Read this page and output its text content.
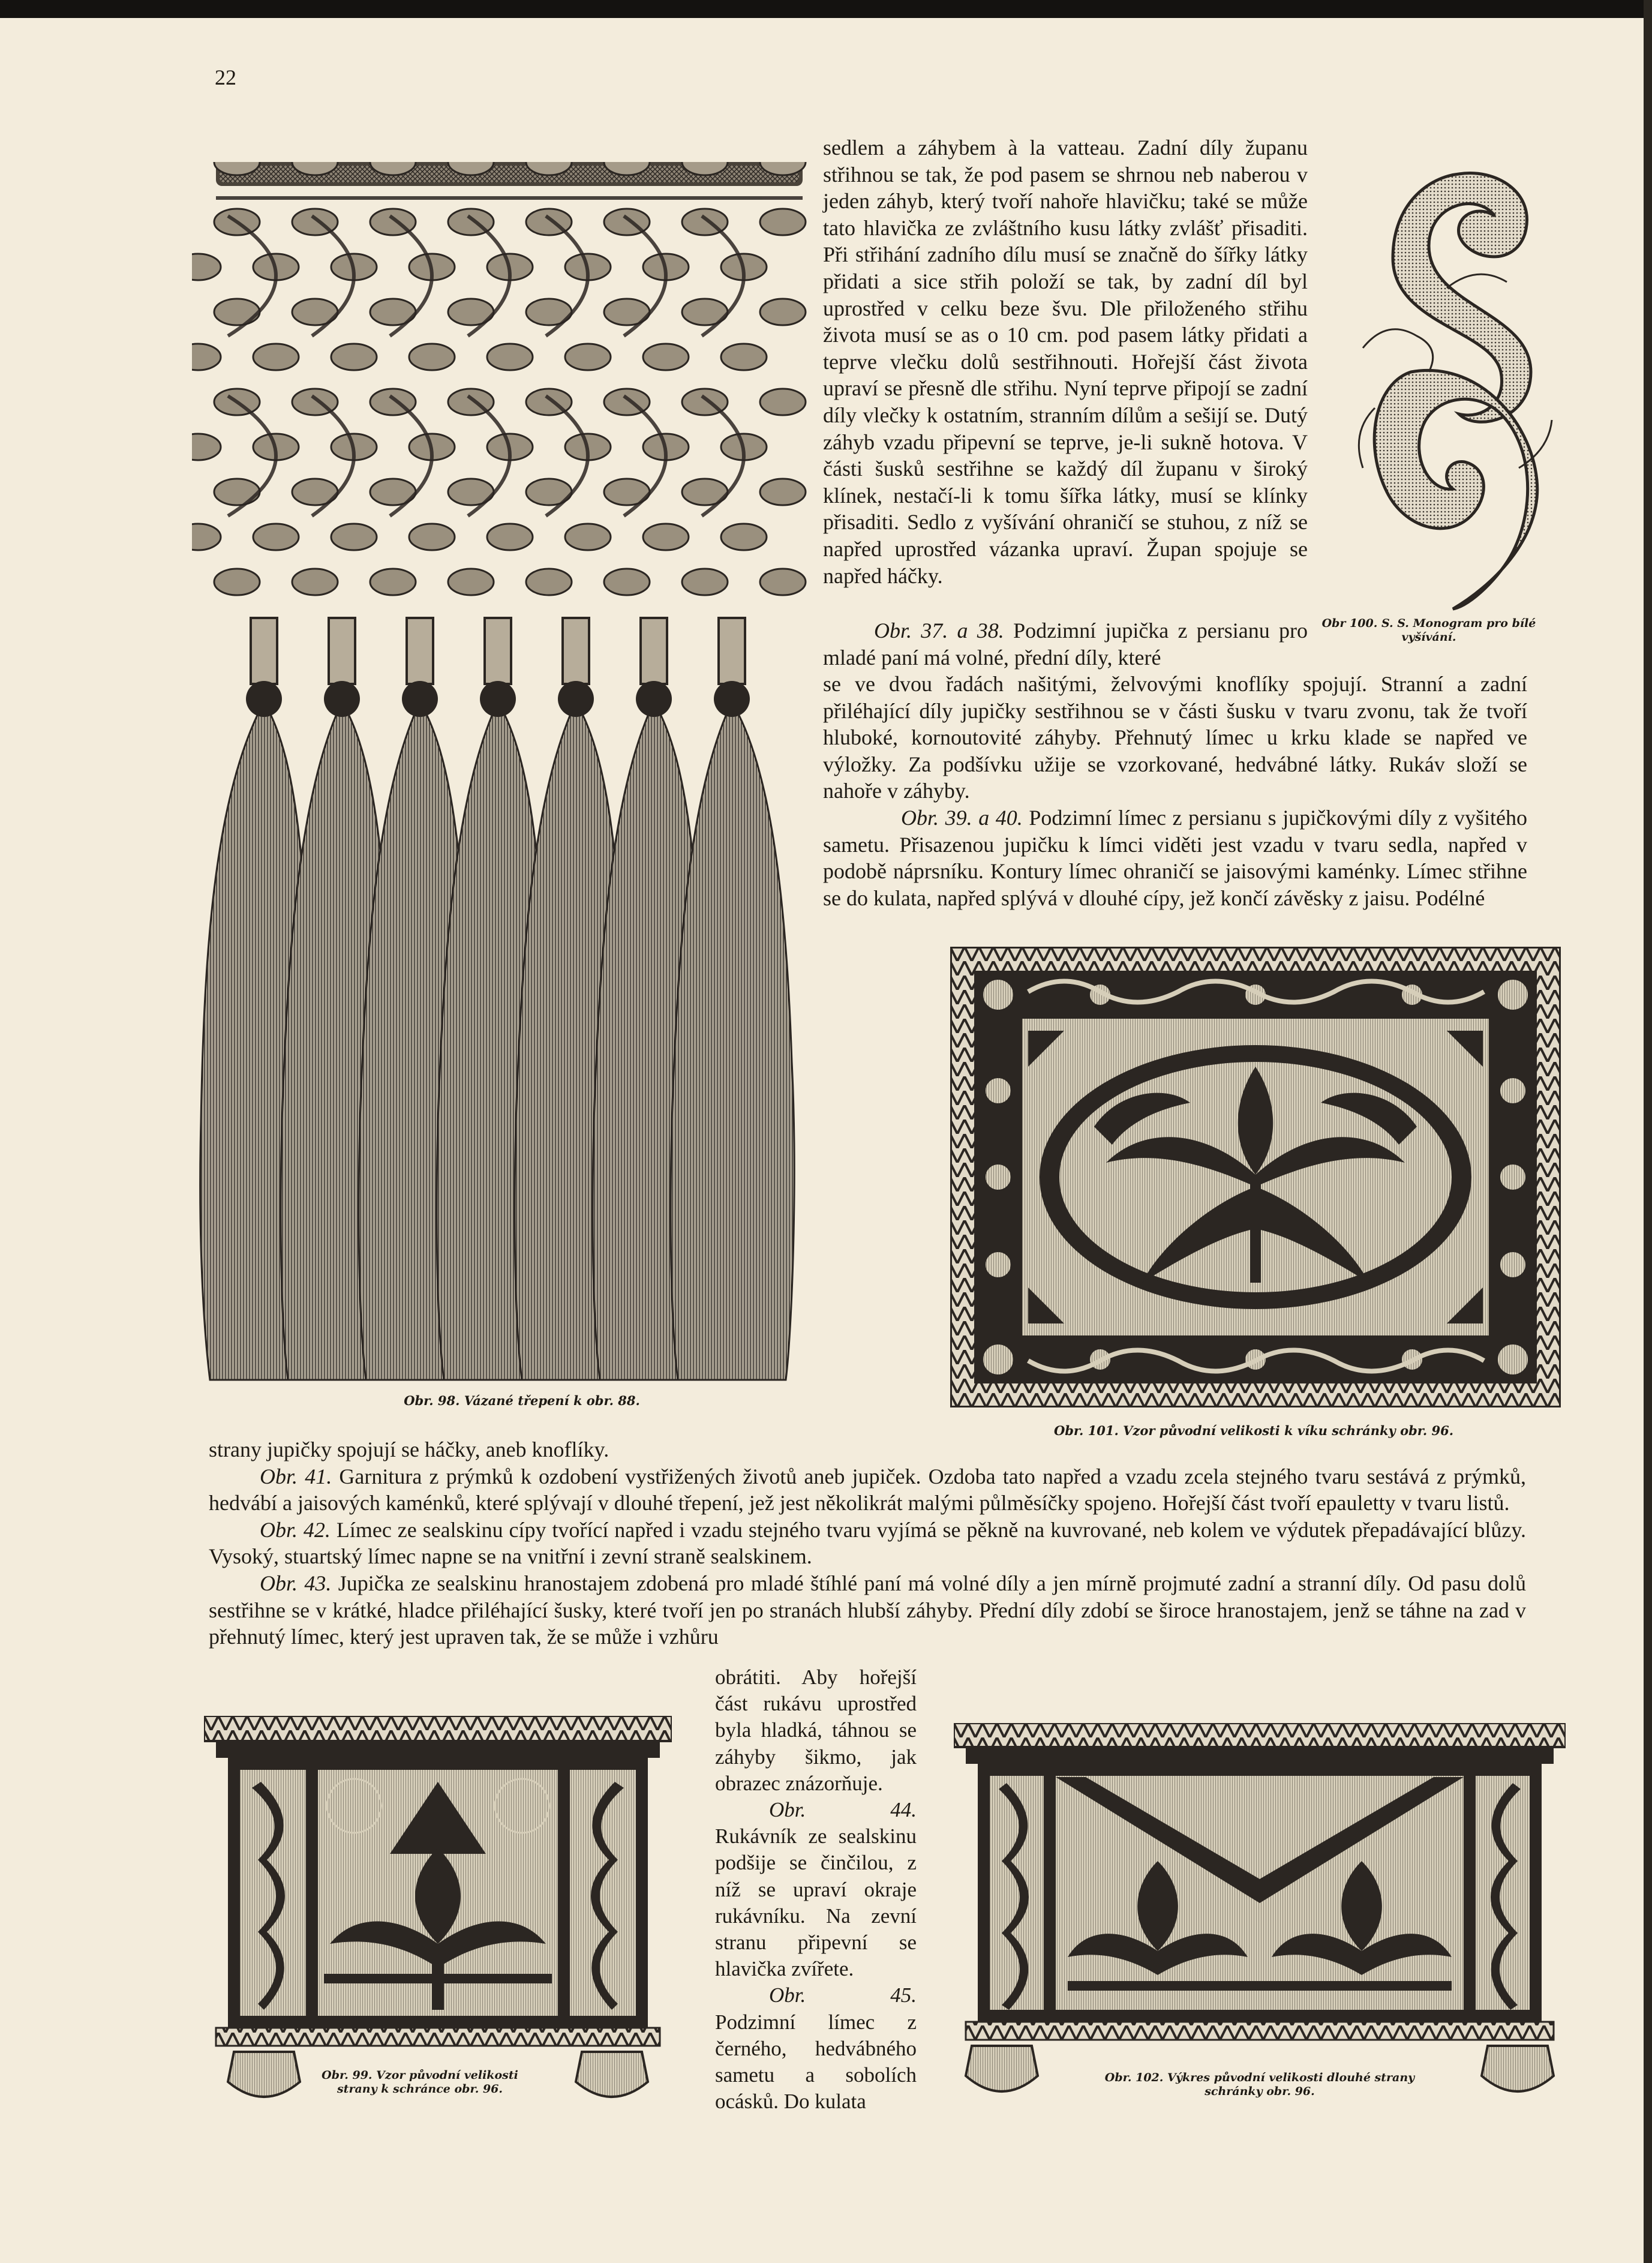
22
Obr. 98. Vázané třepení k obr. 88.
Obr 100. S. S. Monogram pro bílé vyšívání.

sedlem a záhybem à la vatteau. Zadní díly županu střihnou se tak, že pod pasem se shrnou neb naberou v jeden záhyb, který tvoří nahoře hlavičku; také se může tato hlavička ze zvláštního kusu látky zvlášť přisaditi. Při střihání zadního dílu musí se značně do šířky látky přidati a sice střih položí se tak, by zadní díl byl uprostřed v celku beze švu. Dle přiloženého střihu života musí se as o 10 cm. pod pasem látky přidati a teprve vlečku dolů sestřihnouti. Hořejší část života upraví se přesně dle střihu. Nyní teprve připojí se zadní díly vlečky k ostatním, stranním dílům a sešijí se. Dutý záhyb vzadu připevní se teprve, je-li sukně hotova. V části šusků sestřihne se každý díl županu v široký klínek, nestačí-li k tomu šířka látky, musí se klínky přisaditi. Sedlo z vyšívání ohraničí se stuhou, z níž se napřed uprostřed vázanka upraví. Župan spojuje se napřed háčky.

Obr. 37. a 38. Podzimní jupička z persianu pro mladé paní má volné, přední díly, které

se ve dvou řadách našitými, želvovými knoflíky spojují. Stranní a zadní přiléhající díly jupičky sestřihnou se v části šusku v tvaru zvonu, tak že tvoří hluboké, kornoutovité záhyby. Přehnutý límec u krku klade se napřed ve výložky. Za podšívku užije se vzorkované, hedvábné látky. Rukáv složí se nahoře v záhyby.

Obr. 39. a 40. Podzimní límec z persianu s jupičkovými díly z vyšitého sametu. Přisazenou jupičku k límci viděti jest vzadu v tvaru sedla, napřed v podobě náprsníku. Kontury límec ohraničí se jaisovými kaménky. Límec střihne se do kulata, napřed splývá v dlouhé cípy, jež končí závěsky z jaisu. Podélné

Obr. 101. Vzor původní velikosti k víku schránky obr. 96.

strany jupičky spojují se háčky, aneb knoflíky.

Obr. 41. Garnitura z prýmků k ozdobení vystřižených životů aneb jupiček. Ozdoba tato napřed a vzadu zcela stejného tvaru sestává z prýmků, hedvábí a jaisových kaménků, které splývají v dlouhé třepení, jež jest několikrát malými půlměsíčky spojeno. Hořejší část tvoří epauletty v tvaru listů.

Obr. 42. Límec ze sealskinu cípy tvořící napřed i vzadu stejného tvaru vyjímá se pěkně na kuvrované, neb kolem ve výdutek přepadávající blůzy. Vysoký, stuartský límec napne se na vnitřní i zevní straně sealskinem.

Obr. 43. Jupička ze sealskinu hranostajem zdobená pro mladé štíhlé paní má volné díly a jen mírně projmuté zadní a stranní díly. Od pasu dolů sestřihne se v krátké, hladce přiléhající šusky, které tvoří jen po stranách hlubší záhyby. Přední díly zdobí se široce hranostajem, jenž se táhne na zad v přehnutý límec, který jest upraven tak, že se může i vzhůru

obrátiti. Aby hořejší část rukávu uprostřed byla hladká, táhnou se záhyby šikmo, jak obrazec znázorňuje.

Obr. 44. Rukávník ze sealskinu podšije se činčilou, z níž se upraví okraje rukávníku. Na zevní stranu připevní se hlavička zvířete.

Obr. 45. Podzimní límec z černého, hedvábného sametu a sobolích ocásků. Do kulata

Obr. 99. Vzor původní velikosti strany k schránce obr. 96.
Obr. 102. Výkres původní velikosti dlouhé strany schránky obr. 96.
